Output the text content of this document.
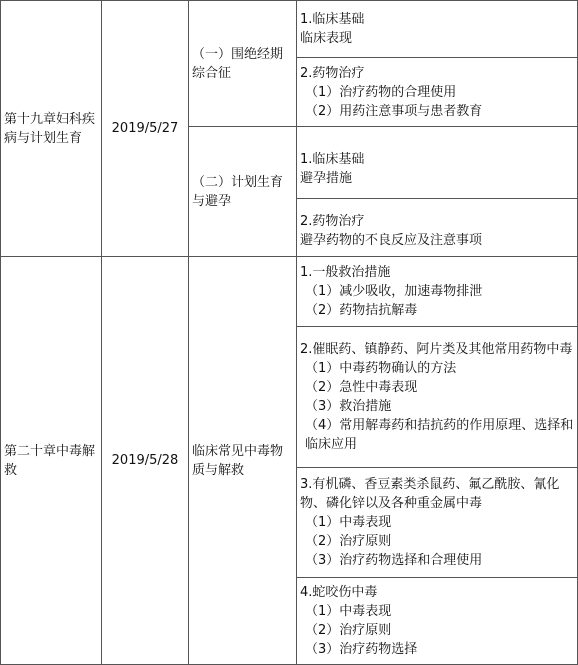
第十九章妇科疾病与计划生育	2019/5/27	（一）围绝经期综合征	1.临床基础
临床表现

			2.药物治疗
（1）治疗药物的合理使用
（2）用药注意事项与患者教育

		（二）计划生育与避孕	1.临床基础
避孕措施

			2.药物治疗
避孕药物的不良反应及注意事项

第二十章中毒解救	2019/5/28	临床常见中毒物质与解救	1.一般救治措施
（1）减少吸收，加速毒物排泄
（2）药物拮抗解毒

			2.催眠药、镇静药、阿片类及其他常用药物中毒
（1）中毒药物确认的方法
（2）急性中毒表现
（3）救治措施
（4）常用解毒药和拮抗药的作用原理、选择和临床应用

			3.有机磷、香豆素类杀鼠药、氟乙酰胺、氰化物、磷化锌以及各种重金属中毒
（1）中毒表现
（2）治疗原则
（3）治疗药物选择和合理使用

			4.蛇咬伤中毒
（1）中毒表现
（2）治疗原则
（3）治疗药物选择
